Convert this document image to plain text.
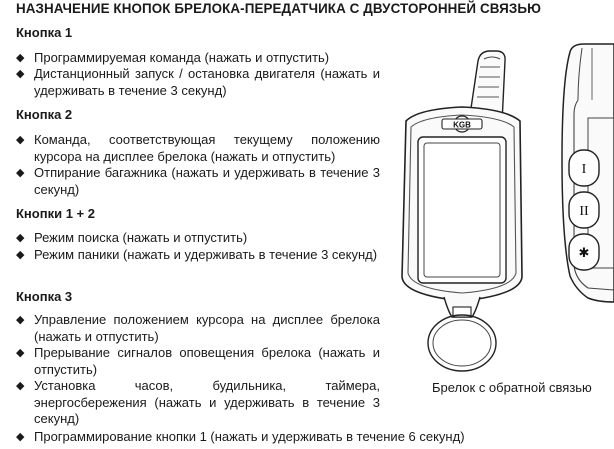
НАЗНАЧЕНИЕ КНОПОК БРЕЛОКА-ПЕРЕДАТЧИКА С ДВУСТОРОННЕЙ СВЯЗЬЮ
Кнопка 1
◆ Программируемая команда (нажать и отпустить)
◆ Дистанционный запуск / остановка двигателя (нажать и удерживать в течение 3 секунд)
Кнопка 2
◆ Команда, соответствующая текущему положению курсора на дисплее брелока (нажать и отпустить)
◆ Отпирание багажника (нажать и удерживать в течение 3 секунд)
Кнопки 1 + 2
◆ Режим поиска (нажать и отпустить)
◆ Режим паники (нажать и удерживать в течение 3 секунд)
Кнопка 3
◆ Управление положением курсора на дисплее брелока (нажать и отпустить)
◆ Прерывание сигналов оповещения брелока (нажать и отпустить)
◆ Установка часов, будильника, таймера, энергосбережения (нажать и удерживать в течение 3 секунд)
◆ Программирование кнопки 1 (нажать и удерживать в течение 6 секунд)
KGB
I
II
✱
Брелок с обратной связью
